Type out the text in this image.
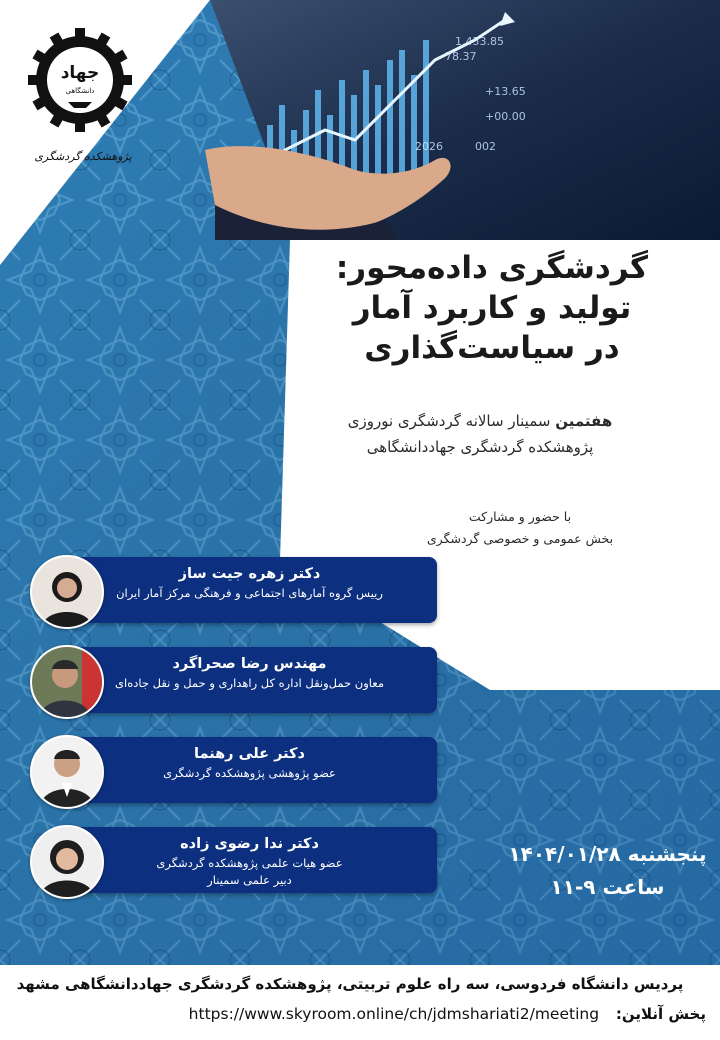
+13.65
+00.00
78.37
2026	002
1.453.85
جهاد
دانشگاهی
پژوهشکده گردشگری
گردشگری داده‌محور:
تولید و کاربرد آمار
در سیاست‌گذاری
هفتمین سمینار سالانه گردشگری نوروزی
پژوهشکده گردشگری جهاددانشگاهی
با حضور و مشارکت
بخش عمومی و خصوصی گردشگری
دکتر زهره جیت ساز
رییس گروه آمارهای اجتماعی و فرهنگی مرکز آمار ایران
مهندس رضا صحراگرد
معاون حمل‌ونقل اداره کل راهداری و حمل و نقل جاده‌ای
دکتر علی رهنما
عضو پژوهشی پژوهشکده گردشگری
دکتر ندا رضوی زاده
عضو هیات علمی پژوهشکده گردشگری
دبیر علمی سمینار
پنجشنبه ۱۴۰۴/۰۱/۲۸
ساعت ۹-۱۱
پردیس دانشگاه فردوسی، سه راه علوم تربیتی، پژوهشکده گردشگری جهاددانشگاهی مشهد
پخش آنلاین: https://www.skyroom.online/ch/jdmshariati2/meeting
